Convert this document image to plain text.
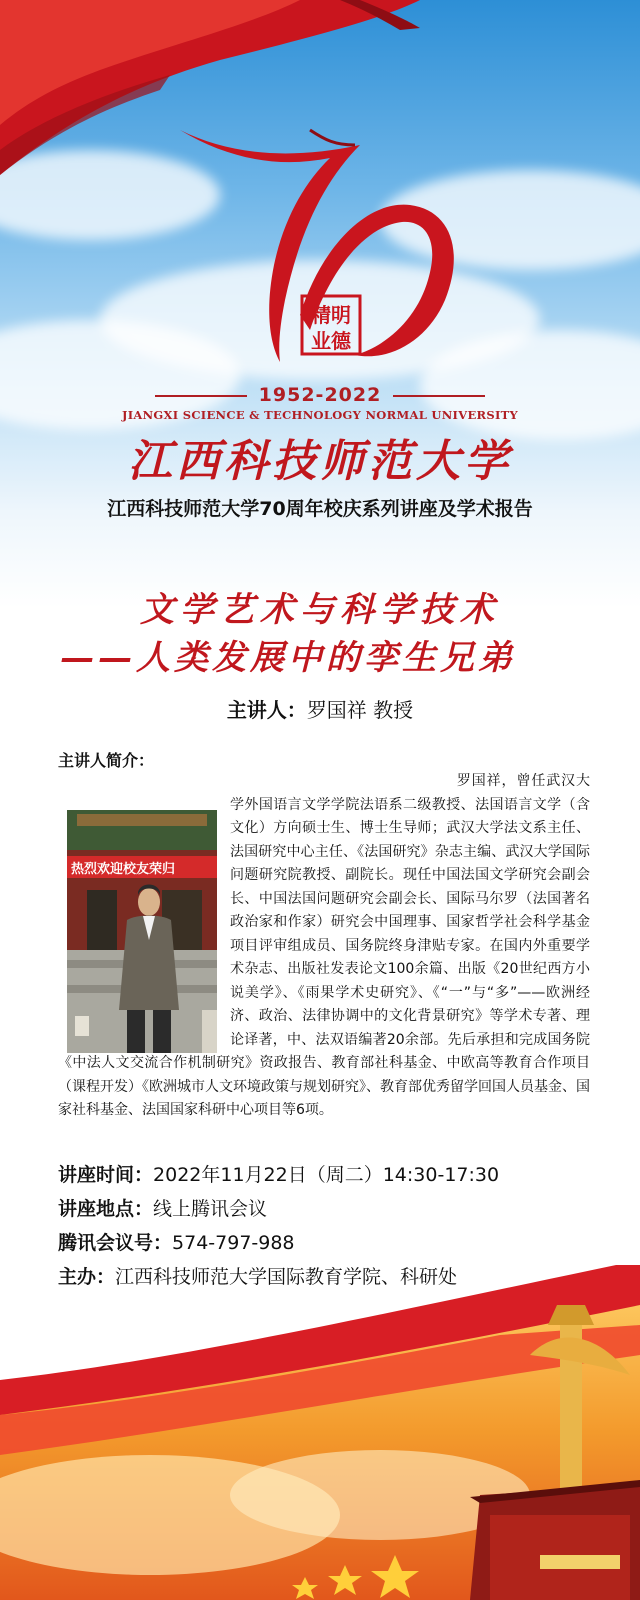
精明
业德
1952-2022
JIANGXI SCIENCE & TECHNOLOGY NORMAL UNIVERSITY
江西科技师范大学
江西科技师范大学70周年校庆系列讲座及学术报告
文学艺术与科学技术
——人类发展中的孪生兄弟
主讲人：罗国祥 教授
主讲人简介：

罗国祥，曾任武汉大学外国语言文学学院法语系二级教授、法国语言文学（含文化）方向硕士生、博士生导师；武汉大学法文系主任、法国研究中心主任、《法国研究》杂志主编、武汉大学国际问题研究院教授、副院长。现任中国法国文学研究会副会长、中国法国问题研究会副会长、国际马尔罗（法国著名政治家和作家）研究会中国理事、国家哲学社会科学基金项目评审组成员、国务院终身津贴专家。在国内外重要学术杂志、出版社发表论文100余篇、出版《20世纪西方小说美学》、《雨果学术史研究》、《“一”与“多”——欧洲经济、政治、法律协调中的文化背景研究》等学术专著、理论译著，中、法双语编著20余部。先后承担和完成国务院《中法人文交流合作机制研究》资政报告、教育部社科基金、中欧高等教育合作项目（课程开发）《欧洲城市人文环境政策与规划研究》、教育部优秀留学回国人员基金、国家社科基金、法国国家科研中心项目等6项。

热烈欢迎校友荣归
讲座时间：2022年11月22日（周二）14:30-17:30
讲座地点：线上腾讯会议
腾讯会议号：574-797-988
主办：江西科技师范大学国际教育学院、科研处
